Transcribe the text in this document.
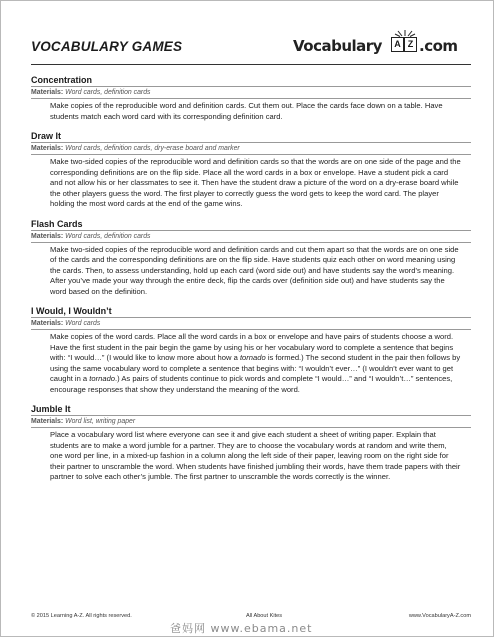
VOCABULARY GAMES	Vocabulary	A Z .com
Concentration
Materials: Word cards, definition cards
Make copies of the reproducible word and definition cards. Cut them out. Place the cards face down on a table. Have students match each word card with its corresponding definition card.
Draw It
Materials: Word cards, definition cards, dry-erase board and marker
Make two-sided copies of the reproducible word and definition cards so that the words are on one side of the page and the corresponding definitions are on the flip side. Place all the word cards in a box or envelope. Have a student pick a card and not allow his or her classmates to see it. Then have the student draw a picture of the word on a dry-erase board while the other players guess the word. The first player to correctly guess the word gets to keep the word card. The player holding the most word cards at the end of the game wins.
Flash Cards
Materials: Word cards, definition cards
Make two-sided copies of the reproducible word and definition cards and cut them apart so that the words are on one side of the cards and the corresponding definitions are on the flip side. Have students quiz each other on word meaning using the cards. Then, to assess understanding, hold up each card (word side out) and have students say the word’s meaning. After you’ve made your way through the entire deck, flip the cards over (definition side out) and have students say the word based on the definition.
I Would, I Wouldn’t
Materials: Word cards
Make copies of the word cards. Place all the word cards in a box or envelope and have pairs of students choose a word. Have the first student in the pair begin the game by using his or her vocabulary word to complete a sentence that begins with: “I would…” (I would like to know more about how a tornado is formed.) The second student in the pair then follows by using the same vocabulary word to complete a sentence that begins with: “I wouldn’t ever…” (I wouldn’t ever want to get caught in a tornado.) As pairs of students continue to pick words and complete “I would…” and “I wouldn’t…” sentences, encourage responses that show they understand the meaning of the word.
Jumble It
Materials: Word list, writing paper
Place a vocabulary word list where everyone can see it and give each student a sheet of writing paper. Explain that students are to make a word jumble for a partner. They are to choose the vocabulary words at random and write them, one word per line, in a mixed-up fashion in a column along the left side of their paper, leaving room on the right side for their partner to unscramble the word. When students have finished jumbling their words, have them trade papers with their partner to solve each other’s jumble. The first partner to unscramble the words correctly is the winner.
© 2015 Learning A-Z. All rights reserved.	All About Kites	www.VocabularyA-Z.com
爸妈网 www.ebama.net
